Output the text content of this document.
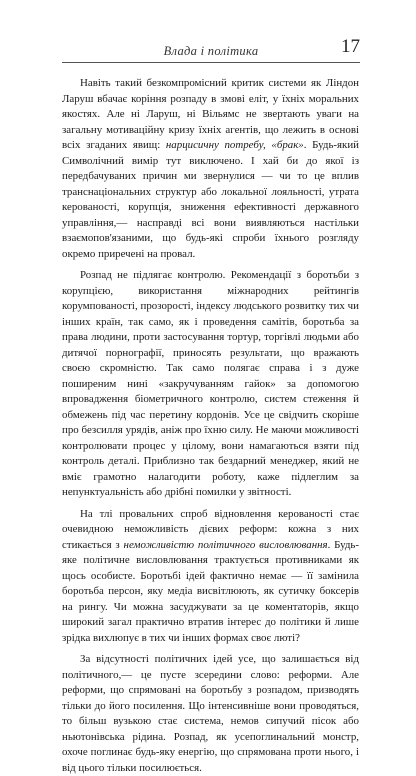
Влада і політика	17

Навіть такий безкомпромісний критик системи як Ліндон Ларуш вбачає коріння розпаду в змові еліт, у їхніх моральних якостях. Але ні Ларуш, ні Вільямс не звертають уваги на загальну мотиваційну кризу їхніх агентів, що лежить в основі всіх згаданих явищ: нарцисичну потребу, «брак». Будь-який Символічний вимір тут виключено. І хай би до якої із передбачуваних причин ми звернулися — чи то це вплив транснаціональних структур або локальної лояльності, утрата керованості, корупція, зниження ефективності державного управління,— насправді всі вони виявляються настільки взаємопов'язаними, що будь-які спроби їхнього розгляду окремо приречені на провал.

Розпад не підлягає контролю. Рекомендації з боротьби з корупцією, використання міжнародних рейтингів корумпованості, прозорості, індексу людського розвитку тих чи інших країн, так само, як і проведення самітів, боротьба за права людини, проти застосування тортур, торгівлі людьми або дитячої порнографії, приносять результати, що вражають своєю скромністю. Так само полягає справа і з дуже поширеним нині «закручуванням гайок» за допомогою впровадження біометричного контролю, систем стеження й обмежень під час перетину кордонів. Усе це свідчить скоріше про безсилля урядів, аніж про їхню силу. Не маючи можливості контролювати процес у цілому, вони намагаються взяти під контроль деталі. Приблизно так бездарний менеджер, який не вміє грамотно налагодити роботу, каже підлеглим за непунктуальність або дрібні помилки у звітності.

На тлі провальних спроб відновлення керованості стає очевидною неможливість дієвих реформ: кожна з них стикається з неможливістю політичного висловлювання. Будь-яке політичне висловлювання трактується противниками як щось особисте. Боротьбі ідей фактично немає — її замінила боротьба персон, яку медіа висвітлюють, як сутичку боксерів на рингу. Чи можна засуджувати за це коментаторів, якщо широкий загал практично втратив інтерес до політики й лише зрідка вихлюпує в тих чи інших формах своє люті?

За відсутності політичних ідей усе, що залишається від політичного,— це пусте зсередини слово: реформи. Але реформи, що спрямовані на боротьбу з розпадом, призводять тільки до його посилення. Що інтенсивніше вони проводяться, то більш вузькою стає система, немов сипучий пісок або ньютонівська рідина. Розпад, як усепоглинальний монстр, охоче поглинає будь-яку енергію, що спрямована проти нього, і від цього тільки посилюється.
